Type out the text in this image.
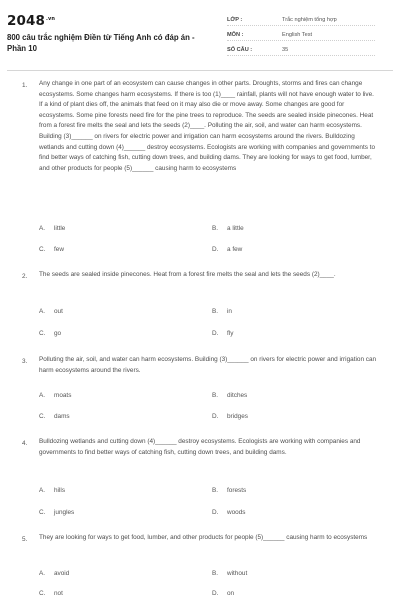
$2048^{.vn}$
800 câu trắc nghiệm Điền từ Tiếng Anh có đáp án - Phần 10
LỚP :	Trắc nghiệm tổng hợp
MÔN :	English Test
SỐ CÂU :	35
1. Any change in one part of an ecosystem can cause changes in other parts. Droughts, storms and fires can change ecosystems. Some changes harm ecosystems. If there is too (1)____ rainfall, plants will not have enough water to live. If a kind of plant dies off, the animals that feed on it may also die or move away. Some changes are good for ecosystems. Some pine forests need fire for the pine trees to reproduce. The seeds are sealed inside pinecones. Heat from a forest fire melts the seal and lets the seeds (2)____. Polluting the air, soil, and water can harm ecosystems. Building (3)______ on rivers for electric power and irrigation can harm ecosystems around the rivers. Bulldozing wetlands and cutting down (4)______ destroy ecosystems. Ecologists are working with companies and governments to find better ways of catching fish, cutting down trees, and building dams. They are looking for ways to get food, lumber, and other products for people (5)______ causing harm to ecosystems
A. little	B. a little
C. few	D. a few
2. The seeds are sealed inside pinecones. Heat from a forest fire melts the seal and lets the seeds (2)____.
A. out	B. in
C. go	D. fly
3. Polluting the air, soil, and water can harm ecosystems. Building (3)______ on rivers for electric power and irrigation can harm ecosystems around the rivers.
A. moats	B. ditches
C. dams	D. bridges
4. Bulldozing wetlands and cutting down (4)______ destroy ecosystems. Ecologists are working with companies and governments to find better ways of catching fish, cutting down trees, and building dams.
A. hills	B. forests
C. jungles	D. woods
5. They are looking for ways to get food, lumber, and other products for people (5)______ causing harm to ecosystems
A. avoid	B. without
C. not	D. on
